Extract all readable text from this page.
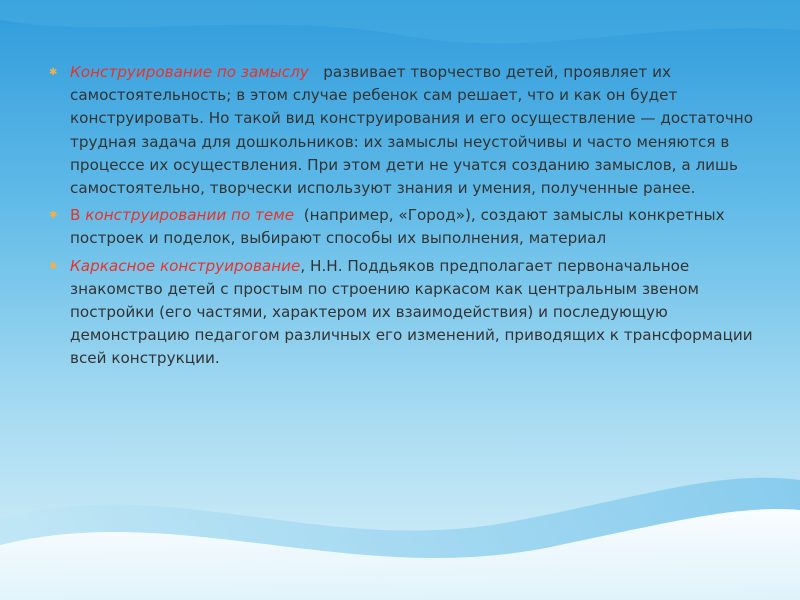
✱ Конструирование по замыслу развивает творчество детей, проявляет их самостоятельность; в этом случае ребенок сам решает, что и как он будет конструировать. Но такой вид конструирования и его осуществление — достаточно трудная задача для дошкольников: их замыслы неустойчивы и часто меняются в процессе их осуществления. При этом дети не учатся созданию замыслов, а лишь самостоятельно, творчески используют знания и умения, полученные ранее.
✱ В конструировании по теме (например, «Город»), создают замыслы конкретных построек и поделок, выбирают способы их выполнения, материал
✱ Каркасное конструирование, Н.Н. Поддьяков предполагает первоначальное знакомство детей с простым по строению каркасом как центральным звеном постройки (его частями, характером их взаимодействия) и последующую демонстрацию педагогом различных его изменений, приводящих к трансформации всей конструкции.
